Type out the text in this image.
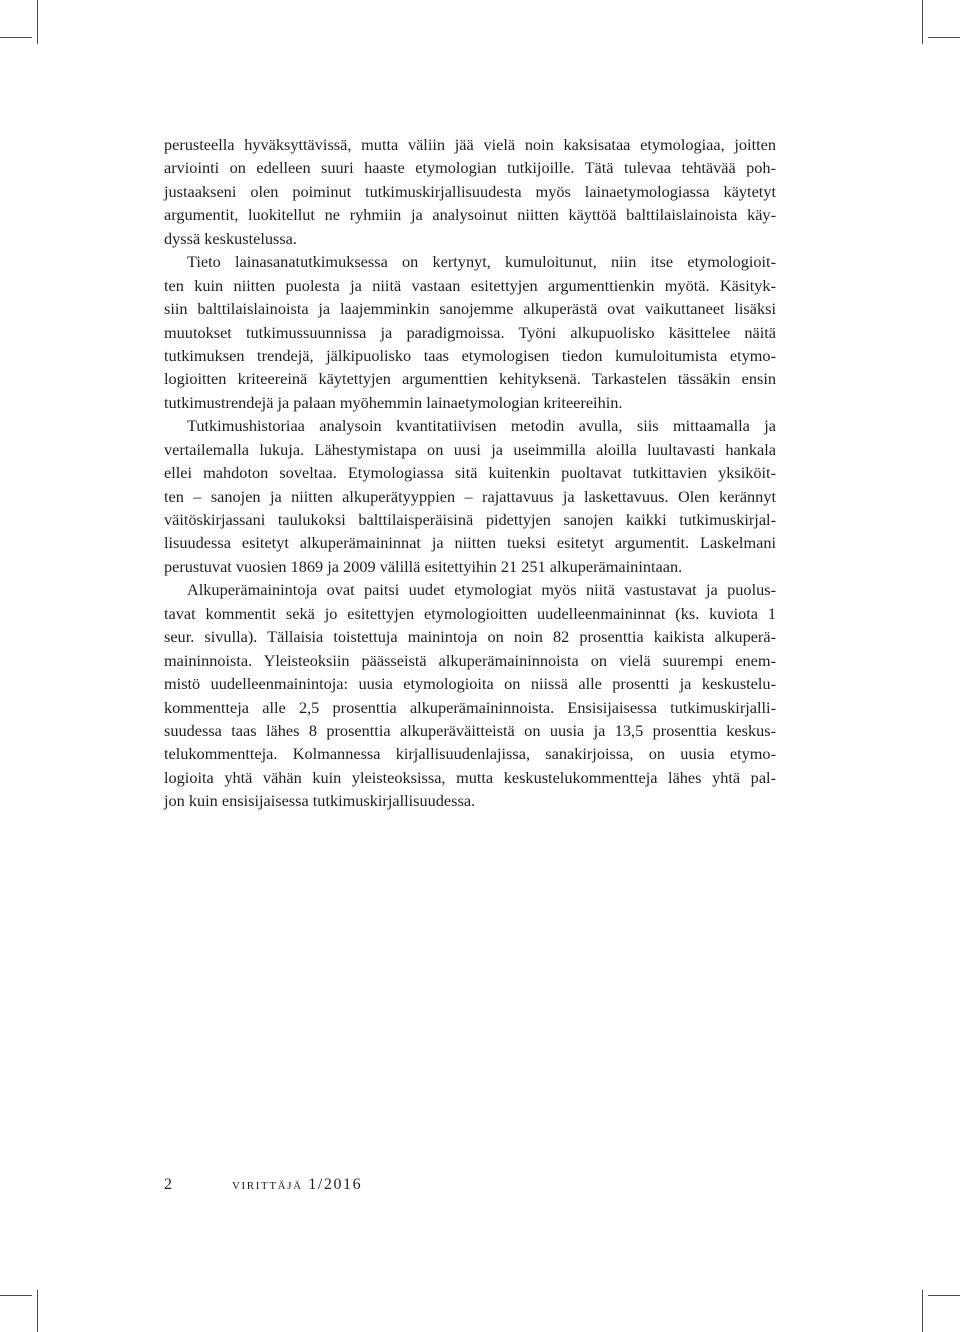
perusteella hyväksyttävissä, mutta väliin jää vielä noin kaksisataa etymologiaa, joitten
arviointi on edelleen suuri haaste etymologian tutkijoille. Tätä tulevaa tehtävää poh-
justaakseni olen poiminut tutkimuskirjallisuudesta myös lainaetymologiassa käytetyt
argumentit, luokitellut ne ryhmiin ja analysoinut niitten käyttöä balttilaislainoista käy-
dyssä keskustelussa.
Tieto lainasanatutkimuksessa on kertynyt, kumuloitunut, niin itse etymologioit-
ten kuin niitten puolesta ja niitä vastaan esitettyjen argumenttienkin myötä. Käsityk-
siin balttilaislainoista ja laajemminkin sanojemme alkuperästä ovat vaikuttaneet lisäksi
muutokset tutkimussuunnissa ja paradigmoissa. Työni alkupuolisko käsittelee näitä
tutkimuksen trendejä, jälkipuolisko taas etymologisen tiedon kumuloitumista etymo-
logioitten kriteereinä käytettyjen argumenttien kehityksenä. Tarkastelen tässäkin ensin
tutkimustrendejä ja palaan myöhemmin lainaetymologian kriteereihin.
Tutkimushistoriaa analysoin kvantitatiivisen metodin avulla, siis mittaamalla ja
vertailemalla lukuja. Lähestymistapa on uusi ja useimmilla aloilla luultavasti hankala
ellei mahdoton soveltaa. Etymologiassa sitä kuitenkin puoltavat tutkittavien yksiköit-
ten – sanojen ja niitten alkuperätyyppien – rajattavuus ja laskettavuus. Olen kerännyt
väitöskirjassani taulukoksi balttilaisperäisinä pidettyjen sanojen kaikki tutkimuskirjal-
lisuudessa esitetyt alkuperämaininnat ja niitten tueksi esitetyt argumentit. Laskelmani
perustuvat vuosien 1869 ja 2009 välillä esitettyihin 21 251 alkuperämainintaan.
Alkuperämainintoja ovat paitsi uudet etymologiat myös niitä vastustavat ja puolus-
tavat kommentit sekä jo esitettyjen etymologioitten uudelleenmaininnat (ks. kuviota 1
seur. sivulla). Tällaisia toistettuja mainintoja on noin 82 prosenttia kaikista alkuperä-
maininnoista. Yleisteoksiin päässeistä alkuperämaininnoista on vielä suurempi enem-
mistö uudelleenmainintoja: uusia etymologioita on niissä alle prosentti ja keskustelu-
kommentteja alle 2,5 prosenttia alkuperämaininnoista. Ensisijaisessa tutkimuskirjalli-
suudessa taas lähes 8 prosenttia alkuperäväitteistä on uusia ja 13,5 prosenttia keskus-
telukommentteja. Kolmannessa kirjallisuudenlajissa, sanakirjoissa, on uusia etymo-
logioita yhtä vähän kuin yleisteoksissa, mutta keskustelukommentteja lähes yhtä pal-
jon kuin ensisijaisessa tutkimuskirjallisuudessa.
2	virittäjä 1/2016
